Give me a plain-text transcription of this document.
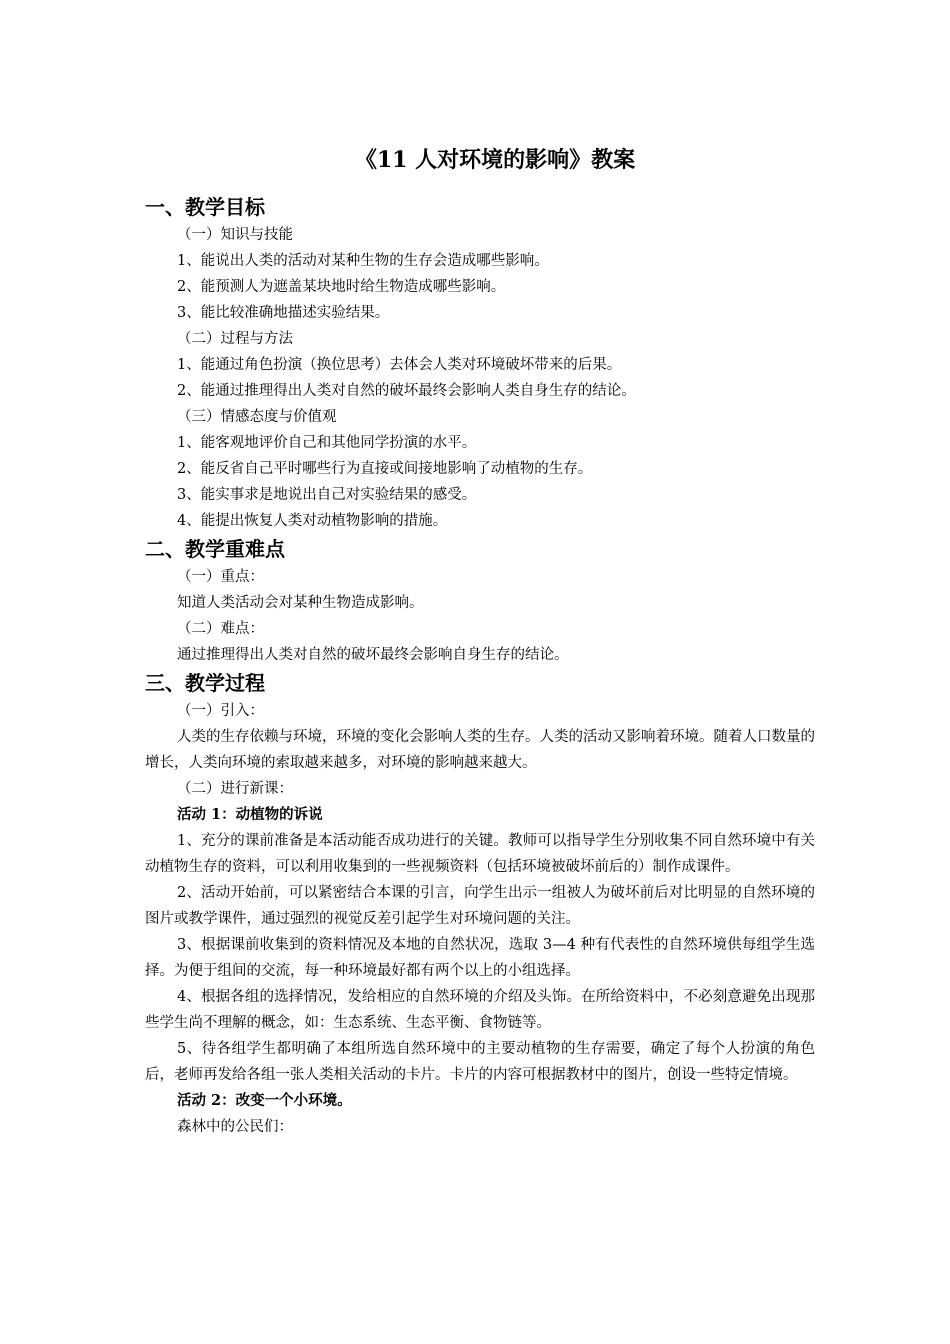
《11 人对环境的影响》教案
一、教学目标
（一）知识与技能
1、能说出人类的活动对某种生物的生存会造成哪些影响。
2、能预测人为遮盖某块地时给生物造成哪些影响。
3、能比较准确地描述实验结果。
（二）过程与方法
1、能通过角色扮演（换位思考）去体会人类对环境破坏带来的后果。
2、能通过推理得出人类对自然的破坏最终会影响人类自身生存的结论。
（三）情感态度与价值观
1、能客观地评价自己和其他同学扮演的水平。
2、能反省自己平时哪些行为直接或间接地影响了动植物的生存。
3、能实事求是地说出自己对实验结果的感受。
4、能提出恢复人类对动植物影响的措施。
二、教学重难点
（一）重点：
知道人类活动会对某种生物造成影响。
（二）难点：
通过推理得出人类对自然的破坏最终会影响自身生存的结论。
三、教学过程
（一）引入：
人类的生存依赖与环境，环境的变化会影响人类的生存。人类的活动又影响着环境。随着人口数量的增长，人类向环境的索取越来越多，对环境的影响越来越大。
（二）进行新课：
活动 1：动植物的诉说
1、充分的课前准备是本活动能否成功进行的关键。教师可以指导学生分别收集不同自然环境中有关动植物生存的资料，可以利用收集到的一些视频资料（包括环境被破坏前后的）制作成课件。
2、活动开始前，可以紧密结合本课的引言，向学生出示一组被人为破坏前后对比明显的自然环境的图片或教学课件，通过强烈的视觉反差引起学生对环境问题的关注。
3、根据课前收集到的资料情况及本地的自然状况，选取 3—4 种有代表性的自然环境供每组学生选择。为便于组间的交流，每一种环境最好都有两个以上的小组选择。
4、根据各组的选择情况，发给相应的自然环境的介绍及头饰。在所给资料中，不必刻意避免出现那些学生尚不理解的概念，如：生态系统、生态平衡、食物链等。
5、待各组学生都明确了本组所选自然环境中的主要动植物的生存需要，确定了每个人扮演的角色后，老师再发给各组一张人类相关活动的卡片。卡片的内容可根据教材中的图片，创设一些特定情境。
活动 2：改变一个小环境。
森林中的公民们：
